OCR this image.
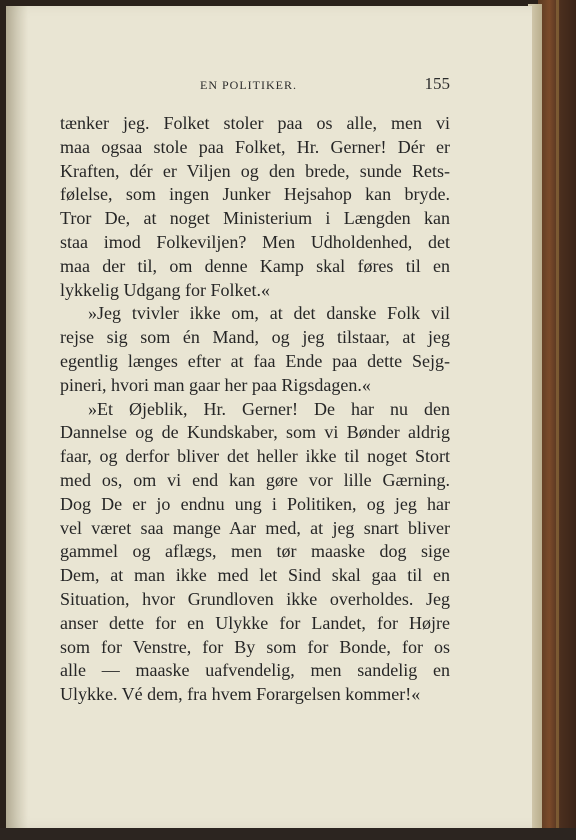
EN POLITIKER.	155
tænker jeg. Folket stoler paa os alle, men vi
maa ogsaa stole paa Folket, Hr. Gerner! Dér er
Kraften, dér er Viljen og den brede, sunde Rets-
følelse, som ingen Junker Hejsahop kan bryde.
Tror De, at noget Ministerium i Længden kan
staa imod Folkeviljen? Men Udholdenhed, det
maa der til, om denne Kamp skal føres til en
lykkelig Udgang for Folket.«
»Jeg tvivler ikke om, at det danske Folk vil
rejse sig som én Mand, og jeg tilstaar, at jeg
egentlig længes efter at faa Ende paa dette Sejg-
pineri, hvori man gaar her paa Rigsdagen.«
»Et Øjeblik, Hr. Gerner! De har nu den
Dannelse og de Kundskaber, som vi Bønder aldrig
faar, og derfor bliver det heller ikke til noget Stort
med os, om vi end kan gøre vor lille Gærning.
Dog De er jo endnu ung i Politiken, og jeg har
vel været saa mange Aar med, at jeg snart bliver
gammel og aflægs, men tør maaske dog sige
Dem, at man ikke med let Sind skal gaa til en
Situation, hvor Grundloven ikke overholdes. Jeg
anser dette for en Ulykke for Landet, for Højre
som for Venstre, for By som for Bonde, for os
alle — maaske uafvendelig, men sandelig en
Ulykke. Vé dem, fra hvem Forargelsen kommer!«
